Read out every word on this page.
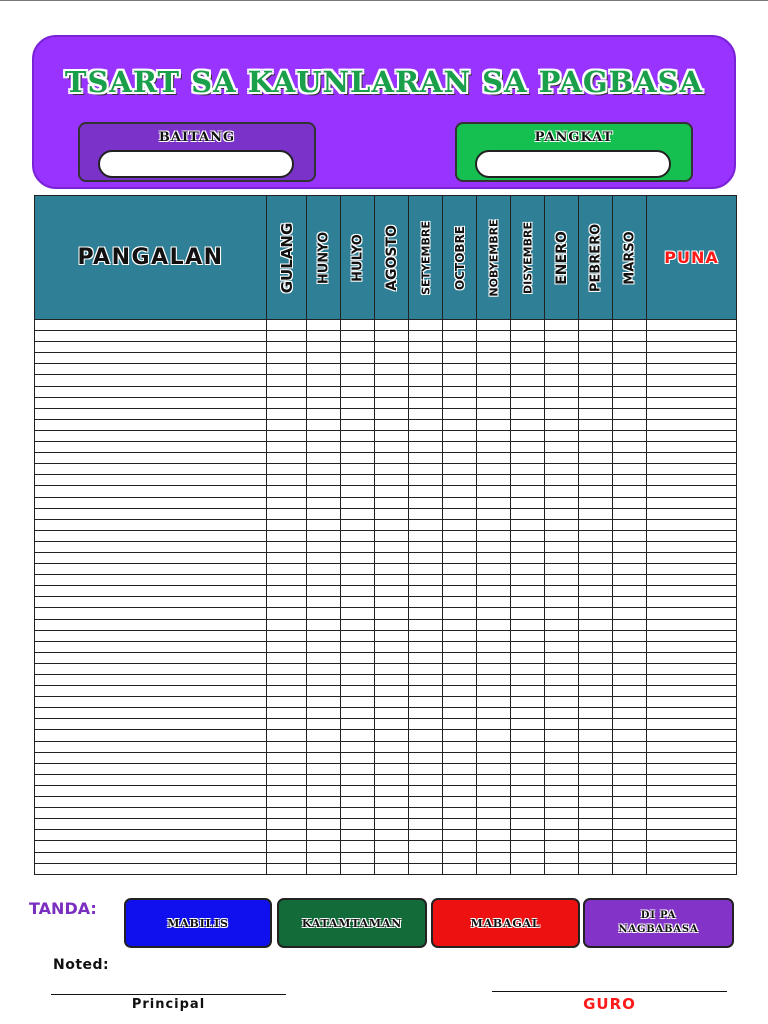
TSART SA KAUNLARAN SA PAGBASA
BAITANG	PANGKAT
PANGALAN	GULANG	HUNYO	HULYO	AGOSTO	SETYEMBRE	OCTOBRE	NOBYEMBRE	DISYEMBRE	ENERO	PEBRERO	MARSO	PUNA

TANDA:
MABILIS	KATAMTAMAN	MABAGAL
DI PA
NAGBABASA
Noted:
Principal	GURO
